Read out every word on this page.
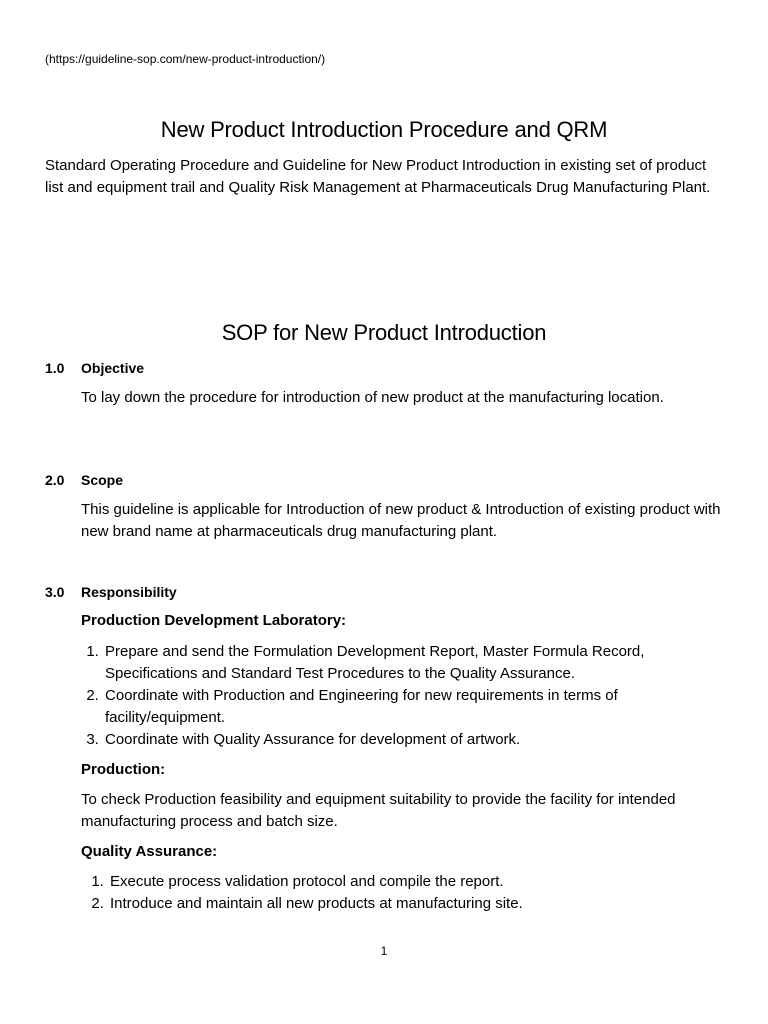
(https://guideline-sop.com/new-product-introduction/)
New Product Introduction Procedure and QRM
Standard Operating Procedure and Guideline for New Product Introduction in existing set of product list and equipment trail and Quality Risk Management at Pharmaceuticals Drug Manufacturing Plant.
SOP for New Product Introduction
1.0 Objective
To lay down the procedure for introduction of new product at the manufacturing location.
2.0 Scope
This guideline is applicable for Introduction of new product & Introduction of existing product with new brand name at pharmaceuticals drug manufacturing plant.
3.0 Responsibility
Production Development Laboratory:
1. Prepare and send the Formulation Development Report, Master Formula Record, Specifications and Standard Test Procedures to the Quality Assurance.
2. Coordinate with Production and Engineering for new requirements in terms of facility/equipment.
3. Coordinate with Quality Assurance for development of artwork.
Production:
To check Production feasibility and equipment suitability to provide the facility for intended manufacturing process and batch size.
Quality Assurance:
1. Execute process validation protocol and compile the report.
2. Introduce and maintain all new products at manufacturing site.
1
